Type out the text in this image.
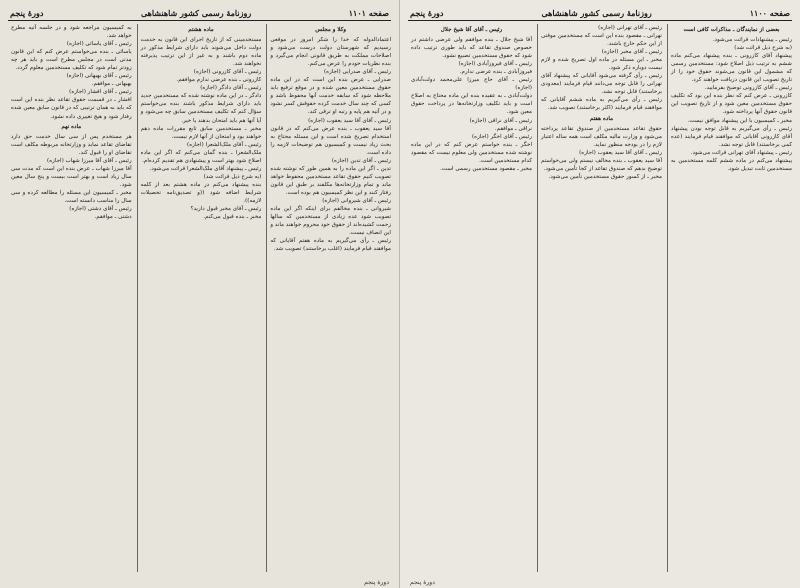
صفحه ۱۱۰۱
روزنامهٔ رسمی کشور شاهنشاهی
دورهٔ پنجم

وکلا و مجلس

اعتمادالدوله که خدا را شکر امروز در موقعی رسیدیم که شهرستان دولت درست می‌شود و اصلاحات مملکت به طریق قانونی انجام می‌گیرد و بنده نظریات خودم را عرض می‌کنم.

رئیس ـ آقای صدرایی (اجازه)

صدرایی ـ عرض بنده این است که در این ماده حقوق مستخدمین معین شده و در موقع ترفیع باید ملاحظه شود که سابقه خدمت آنها محفوظ باشد و کسی که چند سال خدمت کرده حقوقش کسر نشود و در آتیه هم پایه و رتبه او ترقی کند.

رئیس ـ آقای آقا سید یعقوب (اجازه)

آقا سید یعقوب ـ بنده عرض می‌کنم که در قانون استخدام تصریح شده است و این مسئله محتاج به بحث زیاد نیست و کمیسیون هم توضیحات لازمه را داده است.

رئیس ـ آقای تدین (اجازه)

تدین ـ اگر این ماده را به همین طور که نوشته شده تصویب کنیم حقوق تقاعد مستخدمین محفوظ خواهد ماند و تمام وزارتخانه‌ها مکلفند بر طبق این قانون رفتار کنند و این نظر کمیسیون هم بوده است.

رئیس ـ آقای شیروانی (اجازه)

شیروانی ـ بنده مخالفم برای اینکه اگر این ماده تصویب شود عده زیادی از مستخدمین که سالها زحمت کشیده‌اند از حقوق خود محروم خواهند ماند و این انصاف نیست.

رئیس ـ رأی می‌گیریم به ماده هفتم آقایانی که موافقند قیام فرمایند (اغلب برخاستند) تصویب شد.

ماده هشتم

مستخدمینی که از تاریخ اجرای این قانون به خدمت دولت داخل می‌شوند باید دارای شرایط مذکور در ماده دوم باشند و به غیر از این ترتیب پذیرفته نخواهند شد.

رئیس ـ آقای کازرونی (اجازه)

کازرونی ـ بنده عرضی ندارم موافقم.

رئیس ـ آقای دادگر (اجازه)

دادگر ـ در این ماده نوشته شده که مستخدمین جدید باید دارای شرایط مذکور باشند بنده می‌خواستم سؤال کنم که تکلیف مستخدمین سابق چه می‌شود و آیا آنها هم باید امتحان بدهند یا خیر.

مخبر ـ مستخدمین سابق تابع مقررات ماده دهم خواهند بود و امتحان از آنها لازم نیست.

رئیس ـ آقای ملک‌الشعرا (اجازه)

ملک‌الشعرا ـ بنده گمان می‌کنم که اگر این ماده اصلاح شود بهتر است و پیشنهادی هم تقدیم کرده‌ام.

رئیس ـ پیشنهاد آقای ملک‌الشعرا قرائت می‌شود.

(به شرح ذیل قرائت شد)

بنده پیشنهاد می‌کنم در ماده هشتم بعد از کلمه شرایط اضافه شود ((و تصدیق‌نامه تحصیلات لازمه)).

رئیس ـ آقای مخبر قبول دارید؟

مخبر ـ بنده قبول می‌کنم.

به کمیسیون مراجعه شود و در جلسه آتیه مطرح خواهد شد.

رئیس ـ آقای یاسائی (اجازه)

یاسائی ـ بنده می‌خواستم عرض کنم که این قانون مدتی است در مجلس مطرح است و باید هر چه زودتر تمام شود که تکلیف مستخدمین معلوم گردد.

رئیس ـ آقای بهبهانی (اجازه)

بهبهانی ـ موافقم.

رئیس ـ آقای افشار (اجازه)

افشار ـ در قسمت حقوق تقاعد نظر بنده این است که باید به همان ترتیبی که در قانون سابق معین شده رفتار شود و هیچ تغییری داده نشود.

ماده نهم

هر مستخدم پس از سی سال خدمت حق دارد تقاضای تقاعد نماید و وزارتخانه مربوطه مکلف است تقاضای او را قبول کند.

رئیس ـ آقای آقا میرزا شهاب (اجازه)

آقا میرزا شهاب ـ عرض بنده این است که مدت سی سال زیاد است و بهتر است بیست و پنج سال معین شود.

مخبر ـ کمیسیون این مسئله را مطالعه کرده و سی سال را مناسب دانسته است.

رئیس ـ آقای دشتی (اجازه)

دشتی ـ موافقم.

دورهٔ پنجم
صفحه ۱۱۰۰
روزنامهٔ رسمی کشور شاهنشاهی
دورهٔ پنجم

بعضی از نمایندگان ـ مذاکرات کافی است

رئیس ـ پیشنهادات قرائت می‌شود.

(به شرح ذیل قرائت شد)

پیشنهاد آقای کازرونی ـ بنده پیشنهاد می‌کنم ماده ششم به ترتیب ذیل اصلاح شود: مستخدمین رسمی که مشمول این قانون می‌شوند حقوق خود را از تاریخ تصویب این قانون دریافت خواهند کرد.

رئیس ـ آقای کازرونی توضیح بفرمایید.

کازرونی ـ عرض کنم که نظر بنده این بود که تکلیف حقوق مستخدمین معین شود و از تاریخ تصویب این قانون حقوق آنها پرداخته شود.

مخبر ـ کمیسیون با این پیشنهاد موافق نیست.

رئیس ـ رأی می‌گیریم به قابل توجه بودن پیشنهاد آقای کازرونی آقایانی که موافقند قیام فرمایند (عده کمی برخاستند) قابل توجه نشد.

رئیس ـ پیشنهاد آقای تهرانی قرائت می‌شود.

پیشنهاد می‌کنم در ماده ششم کلمه مستخدمین به مستخدمین ثابت تبدیل شود.

رئیس ـ آقای تهرانی (اجازه)

تهرانی ـ مقصود بنده این است که مستخدمین موقتی از این حکم خارج باشند.

رئیس ـ آقای مخبر (اجازه)

مخبر ـ این مسئله در ماده اول تصریح شده و لازم نیست دوباره ذکر شود.

رئیس ـ رأی گرفته می‌شود آقایانی که پیشنهاد آقای تهرانی را قابل توجه می‌دانند قیام فرمایند (معدودی برخاستند) قابل توجه نشد.

رئیس ـ رأی می‌گیریم به ماده ششم آقایانی که موافقند قیام فرمایند (اکثر برخاستند) تصویب شد.

ماده هفتم

حقوق تقاعد مستخدمین از صندوق تقاعد پرداخته می‌شود و وزارت مالیه مکلف است همه ساله اعتبار لازم را در بودجه منظور نماید.

رئیس ـ آقای آقا سید یعقوب (اجازه)

آقا سید یعقوب ـ بنده مخالف نیستم ولی می‌خواستم توضیح بدهم که صندوق تقاعد از کجا تأمین می‌شود.

مخبر ـ از کسور حقوق مستخدمین تأمین می‌شود.

رئیس ـ آقای آقا شیخ جلال

آقا شیخ جلال ـ بنده موافقم ولی عرضی داشتم در خصوص صندوق تقاعد که باید طوری ترتیب داده شود که حقوق مستخدمین تضییع نشود.

رئیس ـ آقای فیروزآبادی (اجازه)

فیروزآبادی ـ بنده عرضی ندارم.

رئیس ـ آقای حاج میرزا علی‌محمد دولت‌آبادی (اجازه)

دولت‌آبادی ـ به عقیده بنده این ماده محتاج به اصلاح است و باید تکلیف وزارتخانه‌ها در پرداخت حقوق معین شود.

رئیس ـ آقای نراقی (اجازه)

نراقی ـ موافقم.

رئیس ـ آقای اخگر (اجازه)

اخگر ـ بنده خواستم عرض کنم که در این ماده نوشته شده مستخدمین ولی معلوم نیست که مقصود کدام مستخدمین است.

مخبر ـ مقصود مستخدمین رسمی است.

دورهٔ پنجم
